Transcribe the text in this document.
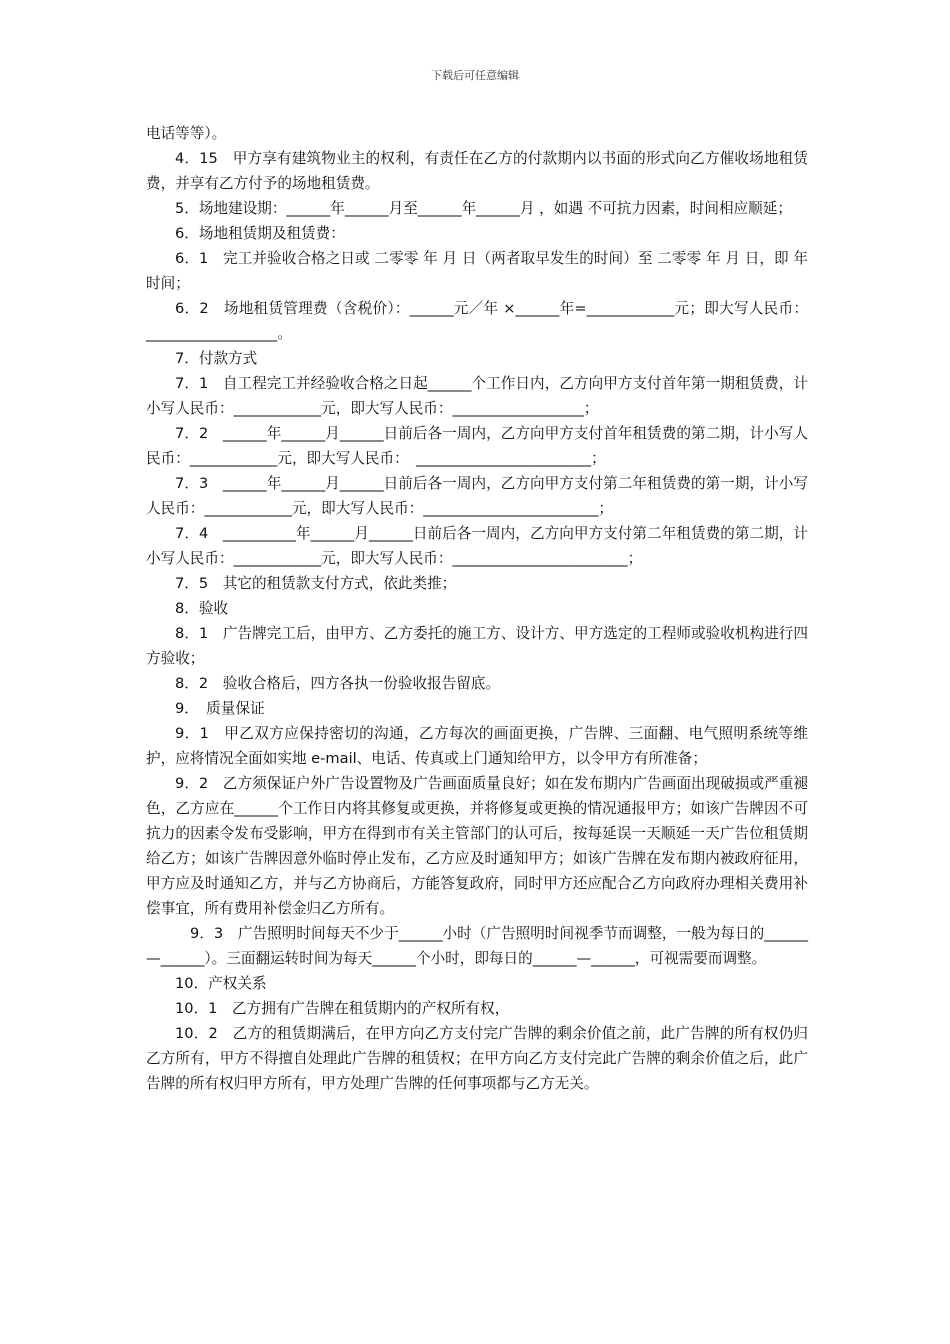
下载后可任意编辑

电话等等）。

4．15　甲方享有建筑物业主的权利，有责任在乙方的付款期内以书面的形式向乙方催收场地租赁费，并享有乙方付予的场地租赁费。

5．场地建设期：______年______月至______年______月 ，如遇 不可抗力因素，时间相应顺延；

6．场地租赁期及租赁费：

6．1　完工并验收合格之日或 二零零 年 月 日（两者取早发生的时间）至 二零零 年 月 日，即 年时间；

6．2　场地租赁管理费（含税价）：______元／年 ×______年=____________元；即大写人民币：__________________。

7．付款方式

7．1　自工程完工并经验收合格之日起______个工作日内，乙方向甲方支付首年第一期租赁费，计小写人民币：____________元，即大写人民币：__________________；

7．2　______年______月______日前后各一周内，乙方向甲方支付首年租赁费的第二期，计小写人民币：____________元，即大写人民币：　________________________；

7．3　______年______月______日前后各一周内，乙方向甲方支付第二年租赁费的第一期，计小写人民币：____________元，即大写人民币：________________________；

7．4　__________年______月______日前后各一周内，乙方向甲方支付第二年租赁费的第二期，计小写人民币：____________元，即大写人民币：________________________；

7．5　其它的租赁款支付方式，依此类推；

8．验收

8．1　广告牌完工后，由甲方、乙方委托的施工方、设计方、甲方选定的工程师或验收机构进行四方验收；

8．2　验收合格后，四方各执一份验收报告留底。

9．　质量保证

9．1　甲乙双方应保持密切的沟通，乙方每次的画面更换，广告牌、三面翻、电气照明系统等维护，应将情况全面如实地 e-mail、电话、传真或上门通知给甲方，以令甲方有所准备；

9．2　乙方须保证户外广告设置物及广告画面质量良好；如在发布期内广告画面出现破损或严重褪色，乙方应在______个工作日内将其修复或更换，并将修复或更换的情况通报甲方；如该广告牌因不可抗力的因素令发布受影响，甲方在得到市有关主管部门的认可后，按每延误一天顺延一天广告位租赁期给乙方；如该广告牌因意外临时停止发布，乙方应及时通知甲方；如该广告牌在发布期内被政府征用，甲方应及时通知乙方，并与乙方协商后，方能答复政府，同时甲方还应配合乙方向政府办理相关费用补偿事宜，所有费用补偿金归乙方所有。

9．3　广告照明时间每天不少于______小时（广告照明时间视季节而调整，一般为每日的______—______）。三面翻运转时间为每天______个小时，即每日的______—______，可视需要而调整。

10．产权关系

10．1　乙方拥有广告牌在租赁期内的产权所有权，

10．2　乙方的租赁期满后，在甲方向乙方支付完广告牌的剩余价值之前，此广告牌的所有权仍归乙方所有，甲方不得擅自处理此广告牌的租赁权；在甲方向乙方支付完此广告牌的剩余价值之后，此广告牌的所有权归甲方所有，甲方处理广告牌的任何事项都与乙方无关。
